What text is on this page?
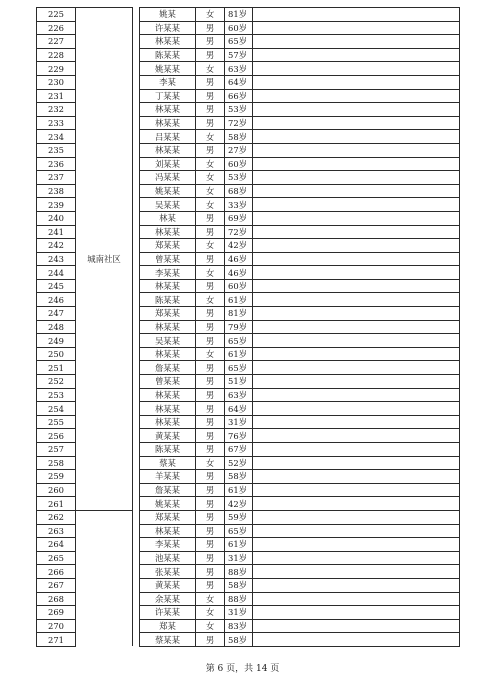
225	城南社区		姚某	女	81岁	
226			许某某	男	60岁	
227			林某某	男	65岁	
228			陈某某	男	57岁	
229			姚某某	女	63岁	
230			李某	男	64岁	
231			丁某某	男	66岁	
232			林某某	男	53岁	
233			林某某	男	72岁	
234			吕某某	女	58岁	
235			林某某	男	27岁	
236			刘某某	女	60岁	
237			冯某某	女	53岁	
238			姚某某	女	68岁	
239			吴某某	女	33岁	
240			林某	男	69岁	
241			林某某	男	72岁	
242			郑某某	女	42岁	
243			曾某某	男	46岁	
244			李某某	女	46岁	
245			林某某	男	60岁	
246			陈某某	女	61岁	
247			郑某某	男	81岁	
248			林某某	男	79岁	
249			吴某某	男	65岁	
250			林某某	女	61岁	
251			詹某某	男	65岁	
252			曾某某	男	51岁	
253			林某某	男	63岁	
254			林某某	男	64岁	
255			林某某	男	31岁	
256			黄某某	男	76岁	
257			陈某某	男	67岁	
258			蔡某	女	52岁	
259			羊某某	男	58岁	
260			詹某某	男	61岁	
261			姚某某	男	42岁	
262			郑某某	男	59岁	
263			林某某	男	65岁	
264			李某某	男	61岁	
265			池某某	男	31岁	
266			张某某	男	88岁	
267			黄某某	男	58岁	
268			余某某	女	88岁	
269			许某某	女	31岁	
270			郑某	女	83岁	
271			蔡某某	男	58岁	
第 6 页，共 14 页
